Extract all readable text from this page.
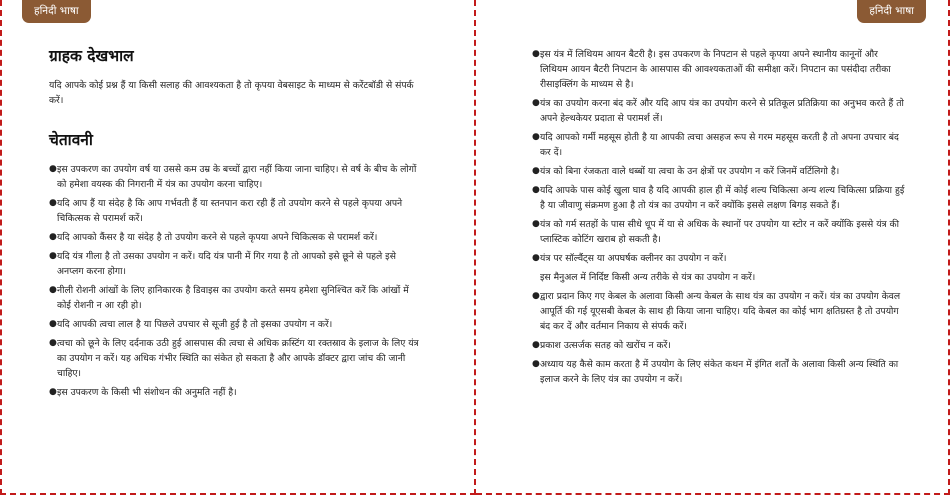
हनिदी भाषा
ग्राहक देखभाल

यदि आपके कोई प्रश्न हैं या किसी सलाह की आवश्यकता है तो कृपया वेबसाइट के माध्यम से करेंटबॉडी से संपर्क करें।

चेतावनी
● इस उपकरण का उपयोग वर्ष या उससे कम उम्र के बच्चों द्वारा नहीं किया जाना चाहिए। से वर्ष के बीच के लोगों को हमेशा वयस्क की निगरानी में यंत्र का उपयोग करना चाहिए।
● यदि आप हैं या संदेह है कि आप गर्भवती हैं या स्तनपान करा रही हैं तो उपयोग करने से पहले कृपया अपने चिकित्सक से परामर्श करें।
● यदि आपको कैंसर है या संदेह है तो उपयोग करने से पहले कृपया अपने चिकित्सक से परामर्श करें।
● यदि यंत्र गीला है तो उसका उपयोग न करें। यदि यंत्र पानी में गिर गया है तो आपको इसे छूने से पहले इसे अनप्लग करना होगा।
● नीली रोशनी आंखों के लिए हानिकारक है डिवाइस का उपयोग करते समय हमेशा सुनिश्चित करें कि आंखों में कोई रोशनी न आ रही हो।
● यदि आपकी त्वचा लाल है या पिछले उपचार से सूजी हुई है तो इसका उपयोग न करें।
● त्वचा को छूने के लिए दर्दनाक उठी हुई आसपास की त्वचा से अधिक क्रस्टिंग या रक्तस्राव के इलाज के लिए यंत्र का उपयोग न करें। यह अधिक गंभीर स्थिति का संकेत हो सकता है और आपके डॉक्टर द्वारा जांच की जानी चाहिए।
● इस उपकरण के किसी भी संशोधन की अनुमति नहीं है।
हनिदी भाषा
● इस यंत्र में लिथियम आयन बैटरी है। इस उपकरण के निपटान से पहले कृपया अपने स्थानीय कानूनों और लिथियम आयन बैटरी निपटान के आसपास की आवश्यकताओं की समीक्षा करें। निपटान का पसंदीदा तरीका रीसाइक्लिंग के माध्यम से है।
● यंत्र का उपयोग करना बंद करें और यदि आप यंत्र का उपयोग करने से प्रतिकूल प्रतिक्रिया का अनुभव करते हैं तो अपने हेल्थकेयर प्रदाता से परामर्श लें।
● यदि आपको गर्मी महसूस होती है या आपकी त्वचा असहज रूप से गरम महसूस करती है तो अपना उपचार बंद कर दें।
● यंत्र को बिना रंजकता वाले धब्बों या त्वचा के उन क्षेत्रों पर उपयोग न करें जिनमें वर्टिलिगो है।
● यदि आपके पास कोई खुला घाव है यदि आपकी हाल ही में कोई शल्य चिकित्सा अन्य शल्य चिकित्सा प्रक्रिया हुई है या जीवाणु संक्रमण हुआ है तो यंत्र का उपयोग न करें क्योंकि इससे लक्षण बिगड़ सकते हैं।
● यंत्र को गर्म सतहों के पास सीधे धूप में या से अधिक के स्थानों पर उपयोग या स्टोर न करें क्योंकि इससे यंत्र की प्लास्टिक कोटिंग खराब हो सकती है।
● यंत्र पर सॉल्वैंट्स या अपघर्षक क्लीनर का उपयोग न करें।

इस मैनुअल में निर्दिष्ट किसी अन्य तरीके से यंत्र का उपयोग न करें।

● द्वारा प्रदान किए गए केबल के अलावा किसी अन्य केबल के साथ यंत्र का उपयोग न करें। यंत्र का उपयोग केवल आपूर्ति की गई यूएसबी केबल के साथ ही किया जाना चाहिए। यदि केबल का कोई भाग क्षतिग्रस्त है तो उपयोग बंद कर दें और वर्तमान निकाय से संपर्क करें।
● प्रकाश उत्सर्जक सतह को खरोंच न करें।
● अध्याय यह कैसे काम करता है में उपयोग के लिए संकेत कथन में इंगित शर्तों के अलावा किसी अन्य स्थिति का इलाज करने के लिए यंत्र का उपयोग न करें।
